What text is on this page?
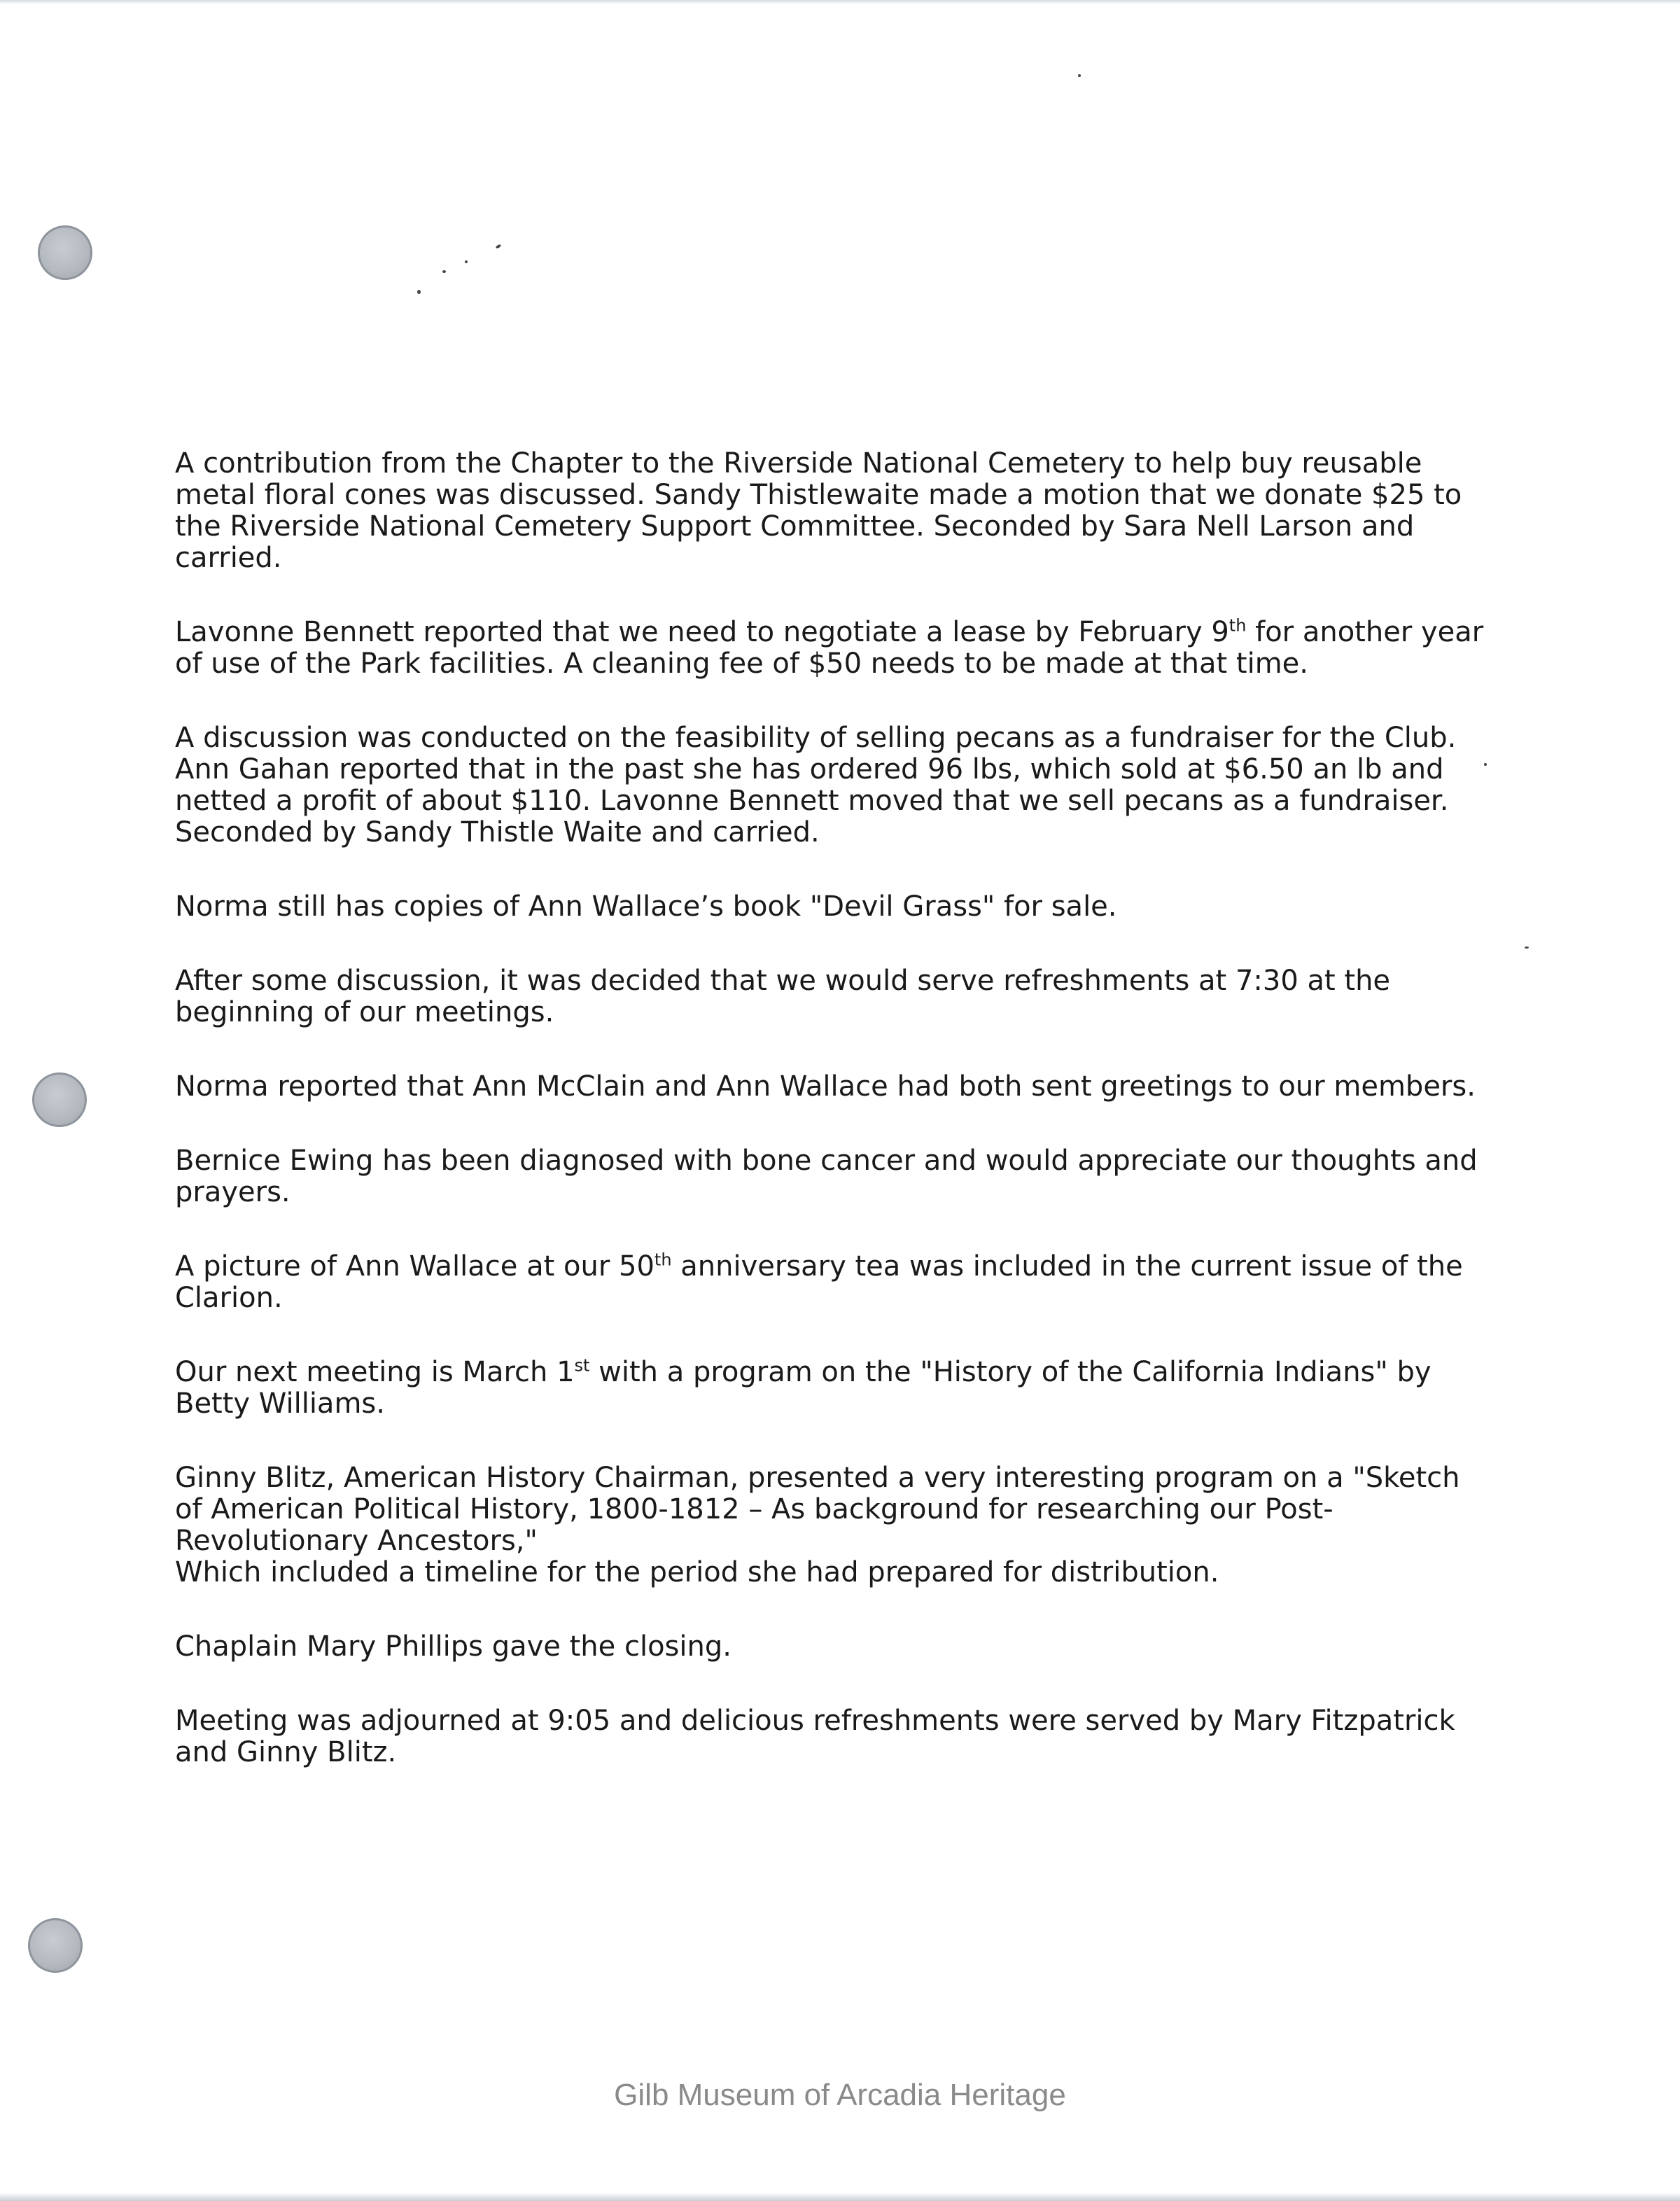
A contribution from the Chapter to the Riverside National Cemetery to help buy reusable metal floral cones was discussed. Sandy Thistlewaite made a motion that we donate $25 to the Riverside National Cemetery Support Committee. Seconded by Sara Nell Larson and carried.

Lavonne Bennett reported that we need to negotiate a lease by February 9th for another year of use of the Park facilities. A cleaning fee of $50 needs to be made at that time.

A discussion was conducted on the feasibility of selling pecans as a fundraiser for the Club. Ann Gahan reported that in the past she has ordered 96 lbs, which sold at $6.50 an lb and netted a profit of about $110. Lavonne Bennett moved that we sell pecans as a fundraiser. Seconded by Sandy Thistle Waite and carried.

Norma still has copies of Ann Wallace’s book "Devil Grass" for sale.

After some discussion, it was decided that we would serve refreshments at 7:30 at the beginning of our meetings.

Norma reported that Ann McClain and Ann Wallace had both sent greetings to our members.

Bernice Ewing has been diagnosed with bone cancer and would appreciate our thoughts and prayers.

A picture of Ann Wallace at our 50th anniversary tea was included in the current issue of the Clarion.

Our next meeting is March 1st with a program on the "History of the California Indians" by Betty Williams.

Ginny Blitz, American History Chairman, presented a very interesting program on a "Sketch of American Political History, 1800-1812 – As background for researching our Post-Revolutionary Ancestors,"

Which included a timeline for the period she had prepared for distribution.

Chaplain Mary Phillips gave the closing.

Meeting was adjourned at 9:05 and delicious refreshments were served by Mary Fitzpatrick and Ginny Blitz.

Gilb Museum of Arcadia Heritage
